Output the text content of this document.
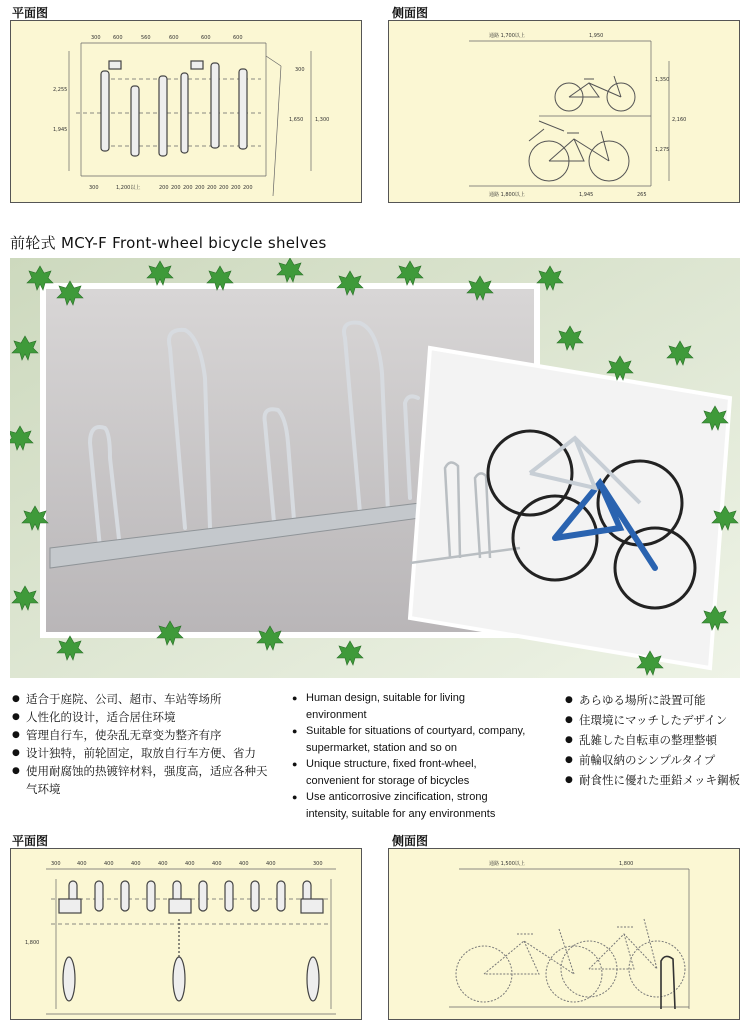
平面图	侧面图
300 600	560	600	600	600
300	1,200以上	200 200 200 200 200 200 200 200
2,255
1,945
1,650 1,300
300
通路 1,700以上	1,950
1,350
2,160
1,275
通路 1,800以上	1,945	265
前轮式 MCY-F Front-wheel bicycle shelves
● 适合于庭院、公司、超市、车站等场所
● 人性化的设计，适合居住环境
● 管理自行车，使杂乱无章变为整齐有序
● 设计独特，前轮固定，取放自行车方便、省力
● 使用耐腐蚀的热镀锌材料，强度高，适应各种天气环境
● Human design, suitable for living environment
● Suitable for situations of courtyard, company, supermarket, station and so on
● Unique structure, fixed front-wheel, convenient for storage of bicycles
● Use anticorrosive zincification, strong intensity, suitable for any environments
● あらゆる場所に設置可能
● 住環境にマッチしたデザイン
● 乱雑した自転車の整理整頓
● 前輪収納のシンプルタイプ
● 耐食性に優れた亜鉛メッキ鋼板
平面图	侧面图
300	400	400	400	400	400	400	400	400	300
1,800
通路 1,500以上	1,800
